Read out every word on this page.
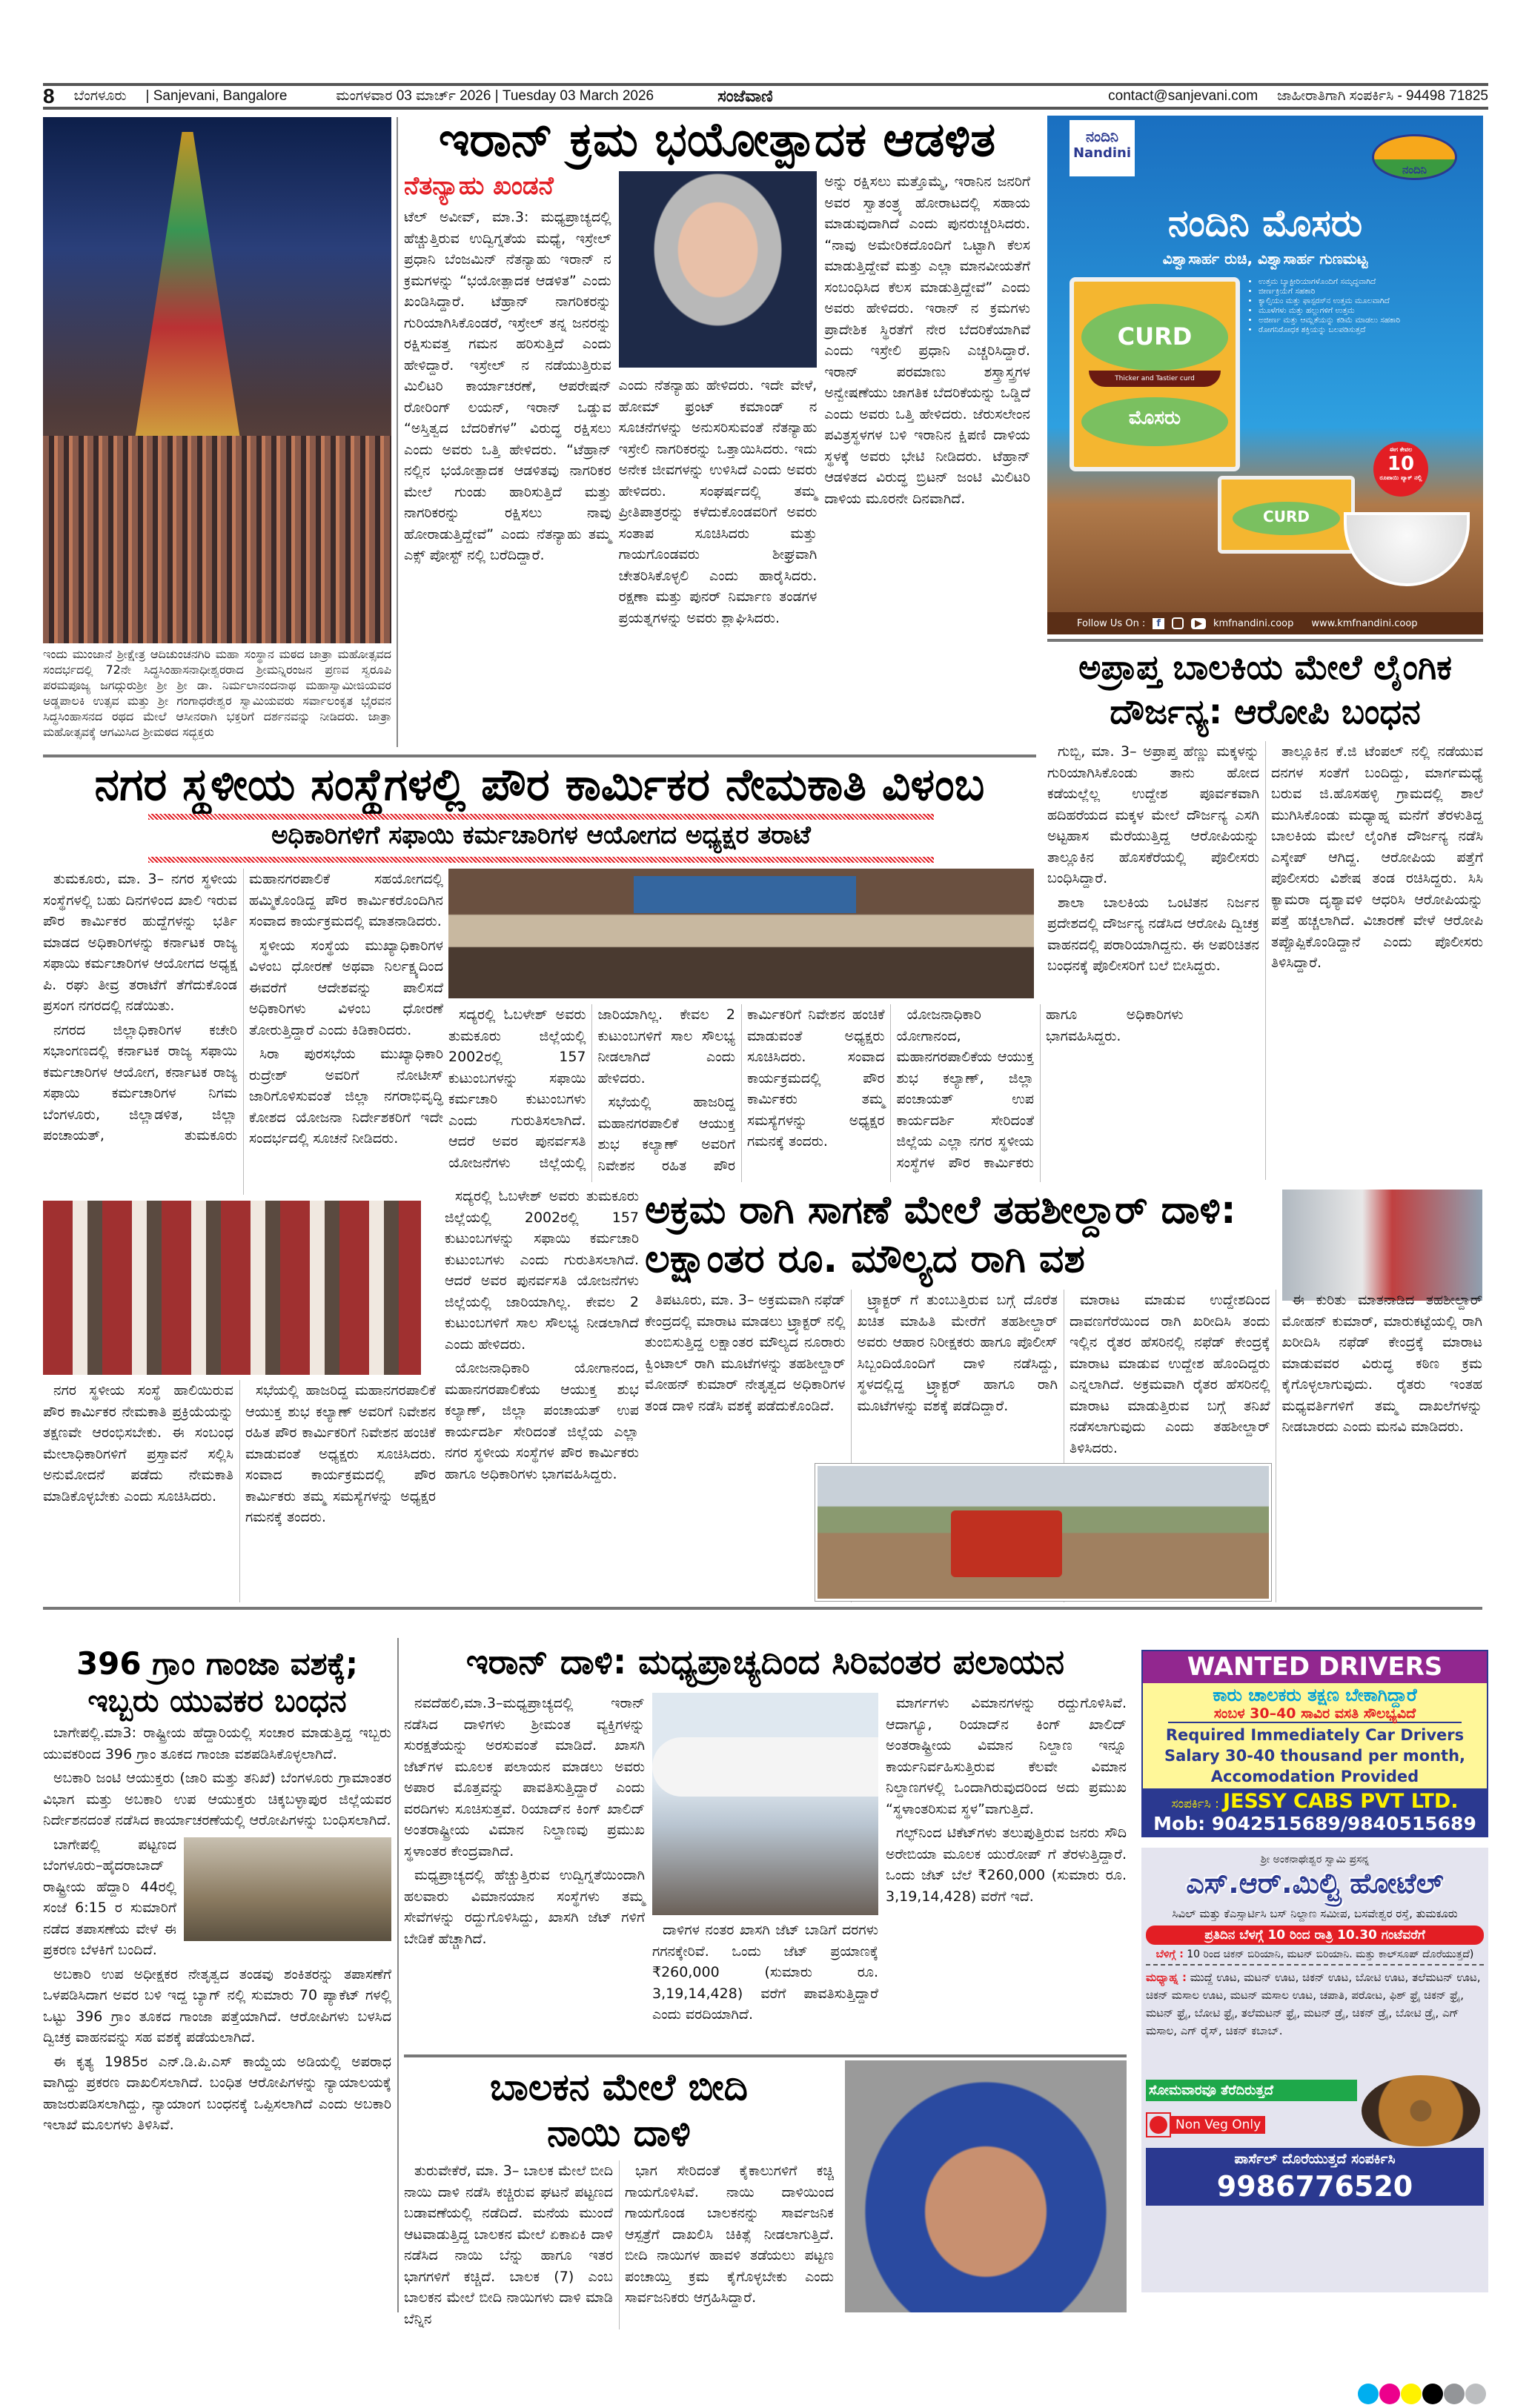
8 ಬೆಂಗಳೂರು | Sanjevani, Bangalore	ಮಂಗಳವಾರ 03 ಮಾರ್ಚ್ 2026 | Tuesday 03 March 2026	ಸಂಜೆವಾಣಿ	contact@sanjevani.com ಜಾಹೀರಾತಿಗಾಗಿ ಸಂಪರ್ಕಿಸಿ - 94498 71825
ಇಂದು ಮುಂಜಾನೆ ಶ್ರೀಕ್ಷೇತ್ರ ಆದಿಚುಂಚನಗಿರಿ ಮಹಾ ಸಂಸ್ಥಾನ ಮಠದ ಜಾತ್ರಾ ಮಹೋತ್ಸವದ ಸಂದರ್ಭದಲ್ಲಿ 72ನೇ ಸಿದ್ಧಸಿಂಹಾಸನಾಧೀಶ್ವರರಾದ ಶ್ರೀಮನ್ನಿರಂಜನ ಪ್ರಣವ ಸ್ವರೂಪಿ ಪರಮಪೂಜ್ಯ ಜಗದ್ಗುರುಶ್ರೀ ಶ್ರೀ ಶ್ರೀ ಡಾ. ನಿರ್ಮಲಾನಂದನಾಥ ಮಹಾಸ್ವಾಮೀಜಿಯವರ ಅಡ್ಡಪಾಲಕಿ ಉತ್ಸವ ಮತ್ತು ಶ್ರೀ ಗಂಗಾಧರೇಶ್ವರ ಸ್ವಾಮಿಯವರು ಸರ್ವಾಲಂಕೃತ ಭೈರವನ ಸಿದ್ಧಸಿಂಹಾಸನದ ರಥದ ಮೇಲೆ ಆಸೀನರಾಗಿ ಭಕ್ತರಿಗೆ ದರ್ಶನವನ್ನು ನೀಡಿದರು. ಜಾತ್ರಾ ಮಹೋತ್ಸವಕ್ಕೆ ಆಗಮಿಸಿದ ಶ್ರೀಮಠದ ಸದ್ಭಕ್ತರು
ಇರಾನ್ ಕ್ರಮ ಭಯೋತ್ಪಾದಕ ಆಡಳಿತ
ನೆತನ್ಯಾಹು ಖಂಡನೆ
ಟೆಲ್ ಅವೀವ್, ಮಾ.3: ಮಧ್ಯಪ್ರಾಚ್ಯದಲ್ಲಿ ಹೆಚ್ಚುತ್ತಿರುವ ಉದ್ವಿಗ್ನತೆಯ ಮಧ್ಯೆ, ಇಸ್ರೇಲ್ ಪ್ರಧಾನಿ ಬೆಂಜಮಿನ್ ನೆತನ್ಯಾಹು ಇರಾನ್ ನ ಕ್ರಮಗಳನ್ನು “ಭಯೋತ್ಪಾದಕ ಆಡಳಿತ” ಎಂದು ಖಂಡಿಸಿದ್ದಾರೆ. ಟೆಹ್ರಾನ್ ನಾಗರಿಕರನ್ನು ಗುರಿಯಾಗಿಸಿಕೊಂಡರೆ, ಇಸ್ರೇಲ್ ತನ್ನ ಜನರನ್ನು ರಕ್ಷಿಸುವತ್ತ ಗಮನ ಹರಿಸುತ್ತಿದೆ ಎಂದು ಹೇಳಿದ್ದಾರೆ. ಇಸ್ರೇಲ್ ನ ನಡೆಯುತ್ತಿರುವ ಮಿಲಿಟರಿ ಕಾರ್ಯಾಚರಣೆ, ಆಪರೇಷನ್ ರೋರಿಂಗ್ ಲಯನ್, ಇರಾನ್ ಒಡ್ಡುವ “ಅಸ್ತಿತ್ವದ ಬೆದರಿಕೆಗಳ” ವಿರುದ್ಧ ರಕ್ಷಿಸಲು ಎಂದು ಅವರು ಒತ್ತಿ ಹೇಳಿದರು. “ಟೆಹ್ರಾನ್ ನಲ್ಲಿನ ಭಯೋತ್ಪಾದಕ ಆಡಳಿತವು ನಾಗರಿಕರ ಮೇಲೆ ಗುಂಡು ಹಾರಿಸುತ್ತಿದೆ ಮತ್ತು ನಾಗರಿಕರನ್ನು ರಕ್ಷಿಸಲು ನಾವು ಹೋರಾಡುತ್ತಿದ್ದೇವೆ” ಎಂದು ನೆತನ್ಯಾಹು ತಮ್ಮ ಎಕ್ಸ್ ಪೋಸ್ಟ್ ನಲ್ಲಿ ಬರೆದಿದ್ದಾರೆ.
ಎಂದು ನೆತನ್ಯಾಹು ಹೇಳಿದರು. ಇದೇ ವೇಳೆ, ಹೋಮ್ ಫ್ರಂಟ್ ಕಮಾಂಡ್ ನ ಸೂಚನೆಗಳನ್ನು ಅನುಸರಿಸುವಂತೆ ನೆತನ್ಯಾಹು ಇಸ್ರೇಲಿ ನಾಗರಿಕರನ್ನು ಒತ್ತಾಯಿಸಿದರು. ಇದು ಅನೇಕ ಜೀವಗಳನ್ನು ಉಳಿಸಿದೆ ಎಂದು ಅವರು ಹೇಳಿದರು. ಸಂಘರ್ಷದಲ್ಲಿ ತಮ್ಮ ಪ್ರೀತಿಪಾತ್ರರನ್ನು ಕಳೆದುಕೊಂಡವರಿಗೆ ಅವರು ಸಂತಾಪ ಸೂಚಿಸಿದರು ಮತ್ತು ಗಾಯಗೊಂಡವರು ಶೀಘ್ರವಾಗಿ ಚೇತರಿಸಿಕೊಳ್ಳಲಿ ಎಂದು ಹಾರೈಸಿದರು. ರಕ್ಷಣಾ ಮತ್ತು ಪುನರ್ ನಿರ್ಮಾಣ ತಂಡಗಳ ಪ್ರಯತ್ನಗಳನ್ನು ಅವರು ಶ್ಲಾಘಿಸಿದರು.
ಅನ್ನು ರಕ್ಷಿಸಲು ಮತ್ತೊಮ್ಮೆ, ಇರಾನಿನ ಜನರಿಗೆ ಅವರ ಸ್ವಾತಂತ್ರ್ಯ ಹೋರಾಟದಲ್ಲಿ ಸಹಾಯ ಮಾಡುವುದಾಗಿದೆ ಎಂದು ಪುನರುಚ್ಚರಿಸಿದರು. “ನಾವು ಅಮೇರಿಕದೊಂದಿಗೆ ಒಟ್ಟಾಗಿ ಕೆಲಸ ಮಾಡುತ್ತಿದ್ದೇವೆ ಮತ್ತು ಎಲ್ಲಾ ಮಾನವೀಯತೆಗೆ ಸಂಬಂಧಿಸಿದ ಕೆಲಸ ಮಾಡುತ್ತಿದ್ದೇವೆ” ಎಂದು ಅವರು ಹೇಳಿದರು. ಇರಾನ್ ನ ಕ್ರಮಗಳು ಪ್ರಾದೇಶಿಕ ಸ್ಥಿರತೆಗೆ ನೇರ ಬೆದರಿಕೆಯಾಗಿವೆ ಎಂದು ಇಸ್ರೇಲಿ ಪ್ರಧಾನಿ ಎಚ್ಚರಿಸಿದ್ದಾರೆ. ಇರಾನ್ ಪರಮಾಣು ಶಸ್ತ್ರಾಸ್ತ್ರಗಳ ಅನ್ವೇಷಣೆಯು ಜಾಗತಿಕ ಬೆದರಿಕೆಯನ್ನು ಒಡ್ಡಿದೆ ಎಂದು ಅವರು ಒತ್ತಿ ಹೇಳಿದರು. ಜೆರುಸಲೇಂನ ಪವಿತ್ರಸ್ಥಳಗಳ ಬಳಿ ಇರಾನಿನ ಕ್ಷಿಪಣಿ ದಾಳಿಯ ಸ್ಥಳಕ್ಕೆ ಅವರು ಭೇಟಿ ನೀಡಿದರು. ಟೆಹ್ರಾನ್ ಆಡಳಿತದ ವಿರುದ್ಧ ಬ್ರಿಟನ್ ಜಂಟಿ ಮಿಲಿಟರಿ ದಾಳಿಯ ಮೂರನೇ ದಿನವಾಗಿದೆ.
ನಂದಿನಿ
Nandini
ನಂದಿನಿ
ನಂದಿನಿ ಮೊಸರು
ವಿಶ್ವಾಸಾರ್ಹ ರುಚಿ, ವಿಶ್ವಾಸಾರ್ಹ ಗುಣಮಟ್ಟ
• ಉತ್ತಮ ಬ್ಯಾಕ್ಟೀರಿಯಾಗಳೊಂದಿಗೆ ಸಮೃದ್ಧವಾಗಿದೆ
• ಜೀರ್ಣಕ್ರಿಯೆಗೆ ಸಹಕಾರಿ
• ಕ್ಯಾಲ್ಸಿಯಂ ಮತ್ತು ಫಾಸ್ಪರಸ್‌ನ ಉತ್ತಮ ಮೂಲವಾಗಿದೆ
• ಮೂಳೆಗಳು ಮತ್ತು ಹಲ್ಲುಗಳಿಗೆ ಉತ್ತಮ
• ಅಜೀರ್ಣ ಮತ್ತು ಆಮ್ಲತೆಯನ್ನು ಕಡಿಮೆ ಮಾಡಲು ಸಹಕಾರಿ
• ರೋಗನಿರೋಧಕ ಶಕ್ತಿಯನ್ನು ಬಲಪಡಿಸುತ್ತದೆ
CURD
Thicker and Tastier curd
ಮೊಸರು
CURD
ಈಗ ಕೇವಲ
10
ರೂಪಾಯಿ ಪ್ಯಾಕ್ ನಲ್ಲಿ
Follow Us On :	f	▶	kmfnandini.coop www.kmfnandini.coop
ಅಪ್ರಾಪ್ತ ಬಾಲಕಿಯ ಮೇಲೆ ಲೈಂಗಿಕ ದೌರ್ಜನ್ಯ: ಆರೋಪಿ ಬಂಧನ

ಗುಬ್ಬಿ, ಮಾ. 3– ಅಪ್ರಾಪ್ತ ಹೆಣ್ಣು ಮಕ್ಕಳನ್ನು ಗುರಿಯಾಗಿಸಿಕೊಂಡು ತಾನು ಹೋದ ಕಡೆಯಲ್ಲೆಲ್ಲ ಉದ್ದೇಶ ಪೂರ್ವಕವಾಗಿ ಹದಿಹರೆಯದ ಮಕ್ಕಳ ಮೇಲೆ ದೌರ್ಜನ್ಯ ಎಸಗಿ ಅಟ್ಟಹಾಸ ಮೆರೆಯುತ್ತಿದ್ದ ಆರೋಪಿಯನ್ನು ತಾಲ್ಲೂಕಿನ ಹೊಸಕೆರೆಯಲ್ಲಿ ಪೊಲೀಸರು ಬಂಧಿಸಿದ್ದಾರೆ.

ಶಾಲಾ ಬಾಲಕಿಯ ಒಂಟಿತನ ನಿರ್ಜನ ಪ್ರದೇಶದಲ್ಲಿ ದೌರ್ಜನ್ಯ ನಡೆಸಿದ ಆರೋಪಿ ದ್ವಿಚಕ್ರ ವಾಹನದಲ್ಲಿ ಪರಾರಿಯಾಗಿದ್ದನು. ಈ ಅಪರಿಚಿತನ ಬಂಧನಕ್ಕೆ ಪೊಲೀಸರಿಗೆ ಬಲೆ ಬೀಸಿದ್ದರು.

ತಾಲ್ಲೂಕಿನ ಕೆ.ಜಿ ಟೆಂಪಲ್ ನಲ್ಲಿ ನಡೆಯುವ ದನಗಳ ಸಂತೆಗೆ ಬಂದಿದ್ದು, ಮಾರ್ಗಮಧ್ಯೆ ಬರುವ ಜಿ.ಹೊಸಹಳ್ಳಿ ಗ್ರಾಮದಲ್ಲಿ ಶಾಲೆ ಮುಗಿಸಿಕೊಂಡು ಮಧ್ಯಾಹ್ನ ಮನೆಗೆ ತೆರಳುತಿದ್ದ ಬಾಲಕಿಯ ಮೇಲೆ ಲೈಂಗಿಕ ದೌರ್ಜನ್ಯ ನಡೆಸಿ ಎಸ್ಕೇಪ್ ಆಗಿದ್ದ. ಆರೋಪಿಯ ಪತ್ತೆಗೆ ಪೊಲೀಸರು ವಿಶೇಷ ತಂಡ ರಚಿಸಿದ್ದರು. ಸಿಸಿ ಕ್ಯಾಮರಾ ದೃಶ್ಯಾವಳಿ ಆಧರಿಸಿ ಆರೋಪಿಯನ್ನು ಪತ್ತೆ ಹಚ್ಚಲಾಗಿದೆ. ವಿಚಾರಣೆ ವೇಳೆ ಆರೋಪಿ ತಪ್ಪೊಪ್ಪಿಕೊಂಡಿದ್ದಾನೆ ಎಂದು ಪೊಲೀಸರು ತಿಳಿಸಿದ್ದಾರೆ.

ನಗರ ಸ್ಥಳೀಯ ಸಂಸ್ಥೆಗಳಲ್ಲಿ ಪೌರ ಕಾರ್ಮಿಕರ ನೇಮಕಾತಿ ವಿಳಂಬ
ಅಧಿಕಾರಿಗಳಿಗೆ ಸಫಾಯಿ ಕರ್ಮಚಾರಿಗಳ ಆಯೋಗದ ಅಧ್ಯಕ್ಷರ ತರಾಟೆ

ತುಮಕೂರು, ಮಾ. 3– ನಗರ ಸ್ಥಳೀಯ ಸಂಸ್ಥೆಗಳಲ್ಲಿ ಬಹು ದಿನಗಳಿಂದ ಖಾಲಿ ಇರುವ ಪೌರ ಕಾರ್ಮಿಕರ ಹುದ್ದೆಗಳನ್ನು ಭರ್ತಿ ಮಾಡದ ಅಧಿಕಾರಿಗಳನ್ನು ಕರ್ನಾಟಕ ರಾಜ್ಯ ಸಫಾಯಿ ಕರ್ಮಚಾರಿಗಳ ಆಯೋಗದ ಅಧ್ಯಕ್ಷ ಪಿ. ರಘು ತೀವ್ರ ತರಾಟೆಗೆ ತೆಗೆದುಕೊಂಡ ಪ್ರಸಂಗ ನಗರದಲ್ಲಿ ನಡೆಯಿತು.

ನಗರದ ಜಿಲ್ಲಾಧಿಕಾರಿಗಳ ಕಚೇರಿ ಸಭಾಂಗಣದಲ್ಲಿ ಕರ್ನಾಟಕ ರಾಜ್ಯ ಸಫಾಯಿ ಕರ್ಮಚಾರಿಗಳ ಆಯೋಗ, ಕರ್ನಾಟಕ ರಾಜ್ಯ ಸಫಾಯಿ ಕರ್ಮಚಾರಿಗಳ ನಿಗಮ ಬೆಂಗಳೂರು, ಜಿಲ್ಲಾಡಳಿತ, ಜಿಲ್ಲಾ ಪಂಚಾಯತ್, ತುಮಕೂರು ಮಹಾನಗರಪಾಲಿಕೆ ಸಹಯೋಗದಲ್ಲಿ ಹಮ್ಮಿಕೊಂಡಿದ್ದ ಪೌರ ಕಾರ್ಮಿಕರೊಂದಿಗಿನ ಸಂವಾದ ಕಾರ್ಯಕ್ರಮದಲ್ಲಿ ಮಾತನಾಡಿದರು.

ಸ್ಥಳೀಯ ಸಂಸ್ಥೆಯ ಮುಖ್ಯಾಧಿಕಾರಿಗಳ ವಿಳಂಬ ಧೋರಣೆ ಅಥವಾ ನಿರ್ಲಕ್ಷ್ಯದಿಂದ ಈವರೆಗೆ ಆದೇಶವನ್ನು ಪಾಲಿಸದೆ ಅಧಿಕಾರಿಗಳು ವಿಳಂಬ ಧೋರಣೆ ತೋರುತ್ತಿದ್ದಾರೆ ಎಂದು ಕಿಡಿಕಾರಿದರು.

ಸಿರಾ ಪುರಸಭೆಯ ಮುಖ್ಯಾಧಿಕಾರಿ ರುದ್ರೇಶ್ ಅವರಿಗೆ ನೋಟೀಸ್ ಜಾರಿಗೊಳಿಸುವಂತೆ ಜಿಲ್ಲಾ ನಗರಾಭಿವೃದ್ಧಿ ಕೋಶದ ಯೋಜನಾ ನಿರ್ದೇಶಕರಿಗೆ ಇದೇ ಸಂದರ್ಭದಲ್ಲಿ ಸೂಚನೆ ನೀಡಿದರು.

ಸದ್ಯರಲ್ಲಿ ಓಬಳೇಶ್ ಅವರು ತುಮಕೂರು ಜಿಲ್ಲೆಯಲ್ಲಿ 2002ರಲ್ಲಿ 157 ಕುಟುಂಬಗಳನ್ನು ಸಫಾಯಿ ಕರ್ಮಚಾರಿ ಕುಟುಂಬಗಳು ಎಂದು ಗುರುತಿಸಲಾಗಿದೆ. ಆದರೆ ಅವರ ಪುನರ್ವಸತಿ ಯೋಜನೆಗಳು ಜಿಲ್ಲೆಯಲ್ಲಿ ಜಾರಿಯಾಗಿಲ್ಲ. ಕೇವಲ 2 ಕುಟುಂಬಗಳಿಗೆ ಸಾಲ ಸೌಲಭ್ಯ ನೀಡಲಾಗಿದೆ ಎಂದು ಹೇಳಿದರು.

ಸಭೆಯಲ್ಲಿ ಹಾಜರಿದ್ದ ಮಹಾನಗರಪಾಲಿಕೆ ಆಯುಕ್ತ ಶುಭ ಕಲ್ಯಾಣ್ ಅವರಿಗೆ ನಿವೇಶನ ರಹಿತ ಪೌರ ಕಾರ್ಮಿಕರಿಗೆ ನಿವೇಶನ ಹಂಚಿಕೆ ಮಾಡುವಂತೆ ಅಧ್ಯಕ್ಷರು ಸೂಚಿಸಿದರು. ಸಂವಾದ ಕಾರ್ಯಕ್ರಮದಲ್ಲಿ ಪೌರ ಕಾರ್ಮಿಕರು ತಮ್ಮ ಸಮಸ್ಯೆಗಳನ್ನು ಅಧ್ಯಕ್ಷರ ಗಮನಕ್ಕೆ ತಂದರು.

ಯೋಜನಾಧಿಕಾರಿ ಯೋಗಾನಂದ, ಮಹಾನಗರಪಾಲಿಕೆಯ ಆಯುಕ್ತ ಶುಭ ಕಲ್ಯಾಣ್, ಜಿಲ್ಲಾ ಪಂಚಾಯತ್ ಉಪ ಕಾರ್ಯದರ್ಶಿ ಸೇರಿದಂತೆ ಜಿಲ್ಲೆಯ ಎಲ್ಲಾ ನಗರ ಸ್ಥಳೀಯ ಸಂಸ್ಥೆಗಳ ಪೌರ ಕಾರ್ಮಿಕರು ಹಾಗೂ ಅಧಿಕಾರಿಗಳು ಭಾಗವಹಿಸಿದ್ದರು.

ನಗರ ಸ್ಥಳೀಯ ಸಂಸ್ಥೆ ಹಾಲಿಯಿರುವ ಪೌರ ಕಾರ್ಮಿಕರ ನೇಮಕಾತಿ ಪ್ರಕ್ರಿಯೆಯನ್ನು ತಕ್ಷಣವೇ ಆರಂಭಿಸಬೇಕು. ಈ ಸಂಬಂಧ ಮೇಲಾಧಿಕಾರಿಗಳಿಗೆ ಪ್ರಸ್ತಾವನೆ ಸಲ್ಲಿಸಿ ಅನುಮೋದನೆ ಪಡೆದು ನೇಮಕಾತಿ ಮಾಡಿಕೊಳ್ಳಬೇಕು ಎಂದು ಸೂಚಿಸಿದರು.

ಸಭೆಯಲ್ಲಿ ಹಾಜರಿದ್ದ ಮಹಾನಗರಪಾಲಿಕೆ ಆಯುಕ್ತ ಶುಭ ಕಲ್ಯಾಣ್ ಅವರಿಗೆ ನಿವೇಶನ ರಹಿತ ಪೌರ ಕಾರ್ಮಿಕರಿಗೆ ನಿವೇಶನ ಹಂಚಿಕೆ ಮಾಡುವಂತೆ ಅಧ್ಯಕ್ಷರು ಸೂಚಿಸಿದರು. ಸಂವಾದ ಕಾರ್ಯಕ್ರಮದಲ್ಲಿ ಪೌರ ಕಾರ್ಮಿಕರು ತಮ್ಮ ಸಮಸ್ಯೆಗಳನ್ನು ಅಧ್ಯಕ್ಷರ ಗಮನಕ್ಕೆ ತಂದರು.

ಸದ್ಯರಲ್ಲಿ ಓಬಳೇಶ್ ಅವರು ತುಮಕೂರು ಜಿಲ್ಲೆಯಲ್ಲಿ 2002ರಲ್ಲಿ 157 ಕುಟುಂಬಗಳನ್ನು ಸಫಾಯಿ ಕರ್ಮಚಾರಿ ಕುಟುಂಬಗಳು ಎಂದು ಗುರುತಿಸಲಾಗಿದೆ. ಆದರೆ ಅವರ ಪುನರ್ವಸತಿ ಯೋಜನೆಗಳು ಜಿಲ್ಲೆಯಲ್ಲಿ ಜಾರಿಯಾಗಿಲ್ಲ. ಕೇವಲ 2 ಕುಟುಂಬಗಳಿಗೆ ಸಾಲ ಸೌಲಭ್ಯ ನೀಡಲಾಗಿದೆ ಎಂದು ಹೇಳಿದರು.

ಯೋಜನಾಧಿಕಾರಿ ಯೋಗಾನಂದ, ಮಹಾನಗರಪಾಲಿಕೆಯ ಆಯುಕ್ತ ಶುಭ ಕಲ್ಯಾಣ್, ಜಿಲ್ಲಾ ಪಂಚಾಯತ್ ಉಪ ಕಾರ್ಯದರ್ಶಿ ಸೇರಿದಂತೆ ಜಿಲ್ಲೆಯ ಎಲ್ಲಾ ನಗರ ಸ್ಥಳೀಯ ಸಂಸ್ಥೆಗಳ ಪೌರ ಕಾರ್ಮಿಕರು ಹಾಗೂ ಅಧಿಕಾರಿಗಳು ಭಾಗವಹಿಸಿದ್ದರು.

ಅಕ್ರಮ ರಾಗಿ ಸಾಗಣೆ ಮೇಲೆ ತಹಶೀಲ್ದಾರ್ ದಾಳಿ: ಲಕ್ಷಾಂತರ ರೂ. ಮೌಲ್ಯದ ರಾಗಿ ವಶ

ತಿಪಟೂರು, ಮಾ. 3– ಅಕ್ರಮವಾಗಿ ನಫೆಡ್ ಕೇಂದ್ರದಲ್ಲಿ ಮಾರಾಟ ಮಾಡಲು ಟ್ರ್ಯಾಕ್ಟರ್ ನಲ್ಲಿ ತುಂಬಿಸುತ್ತಿದ್ದ ಲಕ್ಷಾಂತರ ಮೌಲ್ಯದ ನೂರಾರು ಕ್ವಿಂಟಾಲ್ ರಾಗಿ ಮೂಟೆಗಳನ್ನು ತಹಶೀಲ್ದಾರ್ ಮೋಹನ್ ಕುಮಾರ್ ನೇತೃತ್ವದ ಅಧಿಕಾರಿಗಳ ತಂಡ ದಾಳಿ ನಡೆಸಿ ವಶಕ್ಕೆ ಪಡೆದುಕೊಂಡಿದೆ.

ಟ್ರ್ಯಾಕ್ಟರ್ ಗೆ ತುಂಬುತ್ತಿರುವ ಬಗ್ಗೆ ದೊರೆತ ಖಚಿತ ಮಾಹಿತಿ ಮೇರೆಗೆ ತಹಶೀಲ್ದಾರ್ ಅವರು ಆಹಾರ ನಿರೀಕ್ಷಕರು ಹಾಗೂ ಪೊಲೀಸ್ ಸಿಬ್ಬಂದಿಯೊಂದಿಗೆ ದಾಳಿ ನಡೆಸಿದ್ದು, ಸ್ಥಳದಲ್ಲಿದ್ದ ಟ್ರ್ಯಾಕ್ಟರ್ ಹಾಗೂ ರಾಗಿ ಮೂಟೆಗಳನ್ನು ವಶಕ್ಕೆ ಪಡೆದಿದ್ದಾರೆ.

ಮಾರಾಟ ಮಾಡುವ ಉದ್ದೇಶದಿಂದ ದಾವಣಗೆರೆಯಿಂದ ರಾಗಿ ಖರೀದಿಸಿ ತಂದು ಇಲ್ಲಿನ ರೈತರ ಹೆಸರಿನಲ್ಲಿ ನಫೆಡ್ ಕೇಂದ್ರಕ್ಕೆ ಮಾರಾಟ ಮಾಡುವ ಉದ್ದೇಶ ಹೊಂದಿದ್ದರು ಎನ್ನಲಾಗಿದೆ. ಅಕ್ರಮವಾಗಿ ರೈತರ ಹೆಸರಿನಲ್ಲಿ ಮಾರಾಟ ಮಾಡುತ್ತಿರುವ ಬಗ್ಗೆ ತನಿಖೆ ನಡೆಸಲಾಗುವುದು ಎಂದು ತಹಶೀಲ್ದಾರ್ ತಿಳಿಸಿದರು.

ಈ ಕುರಿತು ಮಾತನಾಡಿದ ತಹಶೀಲ್ದಾರ್ ಮೋಹನ್ ಕುಮಾರ್, ಮಾರುಕಟ್ಟೆಯಲ್ಲಿ ರಾಗಿ ಖರೀದಿಸಿ ನಫೆಡ್ ಕೇಂದ್ರಕ್ಕೆ ಮಾರಾಟ ಮಾಡುವವರ ವಿರುದ್ಧ ಕಠಿಣ ಕ್ರಮ ಕೈಗೊಳ್ಳಲಾಗುವುದು. ರೈತರು ಇಂತಹ ಮಧ್ಯವರ್ತಿಗಳಿಗೆ ತಮ್ಮ ದಾಖಲೆಗಳನ್ನು ನೀಡಬಾರದು ಎಂದು ಮನವಿ ಮಾಡಿದರು.

396 ಗ್ರಾಂ ಗಾಂಜಾ ವಶಕ್ಕೆ; ಇಬ್ಬರು ಯುವಕರ ಬಂಧನ

ಬಾಗೇಪಲ್ಲಿ.ಮಾ3: ರಾಷ್ಟ್ರೀಯ ಹೆದ್ದಾರಿಯಲ್ಲಿ ಸಂಚಾರ ಮಾಡುತ್ತಿದ್ದ ಇಬ್ಬರು ಯುವಕರಿಂದ 396 ಗ್ರಾಂ ತೂಕದ ಗಾಂಜಾ ವಶಪಡಿಸಿಕೊಳ್ಳಲಾಗಿದೆ.

ಅಬಕಾರಿ ಜಂಟಿ ಆಯುಕ್ತರು (ಜಾರಿ ಮತ್ತು ತನಿಖೆ) ಬೆಂಗಳೂರು ಗ್ರಾಮಾಂತರ ವಿಭಾಗ ಮತ್ತು ಅಬಕಾರಿ ಉಪ ಆಯುಕ್ತರು ಚಿಕ್ಕಬಳ್ಳಾಪುರ ಜಿಲ್ಲೆಯವರ ನಿರ್ದೇಶನದಂತೆ ನಡೆಸಿದ ಕಾರ್ಯಾಚರಣೆಯಲ್ಲಿ ಆರೋಪಿಗಳನ್ನು ಬಂಧಿಸಲಾಗಿದೆ.

ಬಾಗೇಪಲ್ಲಿ ಪಟ್ಟಣದ ಬೆಂಗಳೂರು–ಹೈದರಾಬಾದ್ ರಾಷ್ಟ್ರೀಯ ಹೆದ್ದಾರಿ 44ರಲ್ಲಿ ಸಂಜೆ 6:15 ರ ಸುಮಾರಿಗೆ ನಡೆದ ತಪಾಸಣೆಯ ವೇಳೆ ಈ ಪ್ರಕರಣ ಬೆಳಕಿಗೆ ಬಂದಿದೆ.

ಅಬಕಾರಿ ಉಪ ಅಧೀಕ್ಷಕರ ನೇತೃತ್ವದ ತಂಡವು ಶಂಕಿತರನ್ನು ತಪಾಸಣೆಗೆ ಒಳಪಡಿಸಿದಾಗ ಅವರ ಬಳಿ ಇದ್ದ ಬ್ಯಾಗ್ ನಲ್ಲಿ ಸುಮಾರು 70 ಪ್ಯಾಕೆಟ್ ಗಳಲ್ಲಿ ಒಟ್ಟು 396 ಗ್ರಾಂ ತೂಕದ ಗಾಂಜಾ ಪತ್ತೆಯಾಗಿದೆ. ಆರೋಪಿಗಳು ಬಳಸಿದ ದ್ವಿಚಕ್ರ ವಾಹನವನ್ನು ಸಹ ವಶಕ್ಕೆ ಪಡೆಯಲಾಗಿದೆ.

ಈ ಕೃತ್ಯ 1985ರ ಎನ್.ಡಿ.ಪಿ.ಎಸ್ ಕಾಯ್ದೆಯ ಅಡಿಯಲ್ಲಿ ಅಪರಾಧ ವಾಗಿದ್ದು ಪ್ರಕರಣ ದಾಖಲಿಸಲಾಗಿದೆ. ಬಂಧಿತ ಆರೋಪಿಗಳನ್ನು ನ್ಯಾಯಾಲಯಕ್ಕೆ ಹಾಜರುಪಡಿಸಲಾಗಿದ್ದು, ನ್ಯಾಯಾಂಗ ಬಂಧನಕ್ಕೆ ಒಪ್ಪಿಸಲಾಗಿದೆ ಎಂದು ಅಬಕಾರಿ ಇಲಾಖೆ ಮೂಲಗಳು ತಿಳಿಸಿವೆ.

ಇರಾನ್ ದಾಳಿ: ಮಧ್ಯಪ್ರಾಚ್ಯದಿಂದ ಸಿರಿವಂತರ ಪಲಾಯನ

ನವದೆಹಲಿ,ಮಾ.3–ಮಧ್ಯಪ್ರಾಚ್ಯದಲ್ಲಿ ಇರಾನ್ ನಡೆಸಿದ ದಾಳಿಗಳು ಶ್ರೀಮಂತ ವ್ಯಕ್ತಿಗಳನ್ನು ಸುರಕ್ಷತೆಯನ್ನು ಅರಸುವಂತೆ ಮಾಡಿದೆ. ಖಾಸಗಿ ಜೆಟ್‌ಗಳ ಮೂಲಕ ಪಲಾಯನ ಮಾಡಲು ಅವರು ಅಪಾರ ಮೊತ್ತವನ್ನು ಪಾವತಿಸುತ್ತಿದ್ದಾರೆ ಎಂದು ವರದಿಗಳು ಸೂಚಿಸುತ್ತವೆ. ರಿಯಾದ್‌ನ ಕಿಂಗ್ ಖಾಲಿದ್ ಅಂತರಾಷ್ಟ್ರೀಯ ವಿಮಾನ ನಿಲ್ದಾಣವು ಪ್ರಮುಖ ಸ್ಥಳಾಂತರ ಕೇಂದ್ರವಾಗಿದೆ.

ಮಧ್ಯಪ್ರಾಚ್ಯದಲ್ಲಿ ಹೆಚ್ಚುತ್ತಿರುವ ಉದ್ವಿಗ್ನತೆಯಿಂದಾಗಿ ಹಲವಾರು ವಿಮಾನಯಾನ ಸಂಸ್ಥೆಗಳು ತಮ್ಮ ಸೇವೆಗಳನ್ನು ರದ್ದುಗೊಳಿಸಿದ್ದು, ಖಾಸಗಿ ಜೆಟ್ ಗಳಿಗೆ ಬೇಡಿಕೆ ಹೆಚ್ಚಾಗಿದೆ.

ದಾಳಿಗಳ ನಂತರ ಖಾಸಗಿ ಜೆಟ್ ಬಾಡಿಗೆ ದರಗಳು ಗಗನಕ್ಕೇರಿವೆ. ಒಂದು ಜೆಟ್ ಪ್ರಯಾಣಕ್ಕೆ ₹260,000 (ಸುಮಾರು ರೂ. 3,19,14,428) ವರೆಗೆ ಪಾವತಿಸುತ್ತಿದ್ದಾರೆ ಎಂದು ವರದಿಯಾಗಿದೆ.

ಮಾರ್ಗಗಳು ವಿಮಾನಗಳನ್ನು ರದ್ದುಗೊಳಿಸಿವೆ. ಆದಾಗ್ಯೂ, ರಿಯಾದ್‌ನ ಕಿಂಗ್ ಖಾಲಿದ್ ಅಂತರಾಷ್ಟ್ರೀಯ ವಿಮಾನ ನಿಲ್ದಾಣ ಇನ್ನೂ ಕಾರ್ಯನಿರ್ವಹಿಸುತ್ತಿರುವ ಕೆಲವೇ ವಿಮಾನ ನಿಲ್ದಾಣಗಳಲ್ಲಿ ಒಂದಾಗಿರುವುದರಿಂದ ಅದು ಪ್ರಮುಖ “ಸ್ಥಳಾಂತರಿಸುವ ಸ್ಥಳ”ವಾಗುತ್ತಿದೆ.

ಗಲ್ಫ್‌ನಿಂದ ಟಿಕೆಟ್‌ಗಳು ತಲುಪುತ್ತಿರುವ ಜನರು ಸೌದಿ ಅರೇಬಿಯಾ ಮೂಲಕ ಯುರೋಪ್ ಗೆ ತೆರಳುತ್ತಿದ್ದಾರೆ. ಒಂದು ಜೆಟ್ ಬೆಲೆ ₹260,000 (ಸುಮಾರು ರೂ. 3,19,14,428) ವರೆಗೆ ಇದೆ.

ಬಾಲಕನ ಮೇಲೆ ಬೀದಿ ನಾಯಿ ದಾಳಿ

ತುರುವೇಕೆರೆ, ಮಾ. 3– ಬಾಲಕ ಮೇಲೆ ಬೀದಿ ನಾಯಿ ದಾಳಿ ನಡೆಸಿ ಕಚ್ಚಿರುವ ಘಟನೆ ಪಟ್ಟಣದ ಬಡಾವಣೆಯಲ್ಲಿ ನಡೆದಿದೆ. ಮನೆಯ ಮುಂದೆ ಆಟವಾಡುತ್ತಿದ್ದ ಬಾಲಕನ ಮೇಲೆ ಏಕಾಏಕಿ ದಾಳಿ ನಡೆಸಿದ ನಾಯಿ ಬೆನ್ನು ಹಾಗೂ ಇತರ ಭಾಗಗಳಿಗೆ ಕಚ್ಚಿದೆ. ಬಾಲಕ (7) ಎಂಬ ಬಾಲಕನ ಮೇಲೆ ಬೀದಿ ನಾಯಿಗಳು ದಾಳಿ ಮಾಡಿ ಬೆನ್ನಿನ

ಭಾಗ ಸೇರಿದಂತೆ ಕೈಕಾಲುಗಳಿಗೆ ಕಚ್ಚಿ ಗಾಯಗೊಳಿಸಿವೆ. ನಾಯಿ ದಾಳಿಯಿಂದ ಗಾಯಗೊಂಡ ಬಾಲಕನನ್ನು ಸಾರ್ವಜನಿಕ ಆಸ್ಪತ್ರೆಗೆ ದಾಖಲಿಸಿ ಚಿಕಿತ್ಸೆ ನೀಡಲಾಗುತ್ತಿದೆ. ಬೀದಿ ನಾಯಿಗಳ ಹಾವಳಿ ತಡೆಯಲು ಪಟ್ಟಣ ಪಂಚಾಯ್ತಿ ಕ್ರಮ ಕೈಗೊಳ್ಳಬೇಕು ಎಂದು ಸಾರ್ವಜನಿಕರು ಆಗ್ರಹಿಸಿದ್ದಾರೆ.

WANTED DRIVERS
ಕಾರು ಚಾಲಕರು ತಕ್ಷಣ ಬೇಕಾಗಿದ್ದಾರೆ
ಸಂಬಳ 30–40 ಸಾವಿರ ವಸತಿ ಸೌಲಭ್ಯವಿದೆ
Required Immediately Car Drivers
Salary 30-40 thousand per month,
Accomodation Provided
ಸಂಪರ್ಕಿಸಿ : JESSY CABS PVT LTD.
Mob: 9042515689/9840515689
ಶ್ರೀ ಅಂಕನಾಥೇಶ್ವರ ಸ್ವಾಮಿ ಪ್ರಸನ್ನ
ಎಸ್.ಆರ್.ಮಿಲ್ಟ್ರಿ ಹೋಟೆಲ್
ಸಿವಿಲ್ ಮತ್ತು ಕೆಎಸ್ಸಾರ್ಟಿಸಿ ಬಸ್ ನಿಲ್ದಾಣ ಸಮೀಪ, ಬಸವೇಶ್ವರ ರಸ್ತೆ, ತುಮಕೂರು
ಪ್ರತಿದಿನ ಬೆಳಗ್ಗೆ 10 ರಿಂದ ರಾತ್ರಿ 10.30 ಗಂಟೆವರೆಗೆ
ಬೆಳಿಗ್ಗೆ : 10 ರಿಂದ ಚಿಕನ್ ಬಿರಿಯಾನಿ, ಮಟನ್ ಬಿರಿಯಾನಿ. ಮತ್ತು ಕಾಲ್‌ಸೂಪ್ ದೊರೆಯುತ್ತದೆ)
ಮಧ್ಯಾಹ್ನ : ಮುದ್ದೆ ಊಟ, ಮಟನ್ ಊಟ, ಚಿಕನ್ ಊಟ, ಬೋಟಿ ಊಟ, ತಲೆಮಟನ್ ಊಟ, ಚಿಕನ್ ಮಸಾಲ ಊಟ, ಮಟನ್ ಮಸಾಲ ಊಟ, ಚಪಾತಿ, ಪರೋಟ, ಫಿಶ್ ಫ್ರೈ ಚಿಕನ್ ಫ್ರೈ, ಮಟನ್ ಫ್ರೈ, ಬೋಟಿ ಫ್ರೈ, ತಲೆಮಟನ್ ಫ್ರೈ, ಮಟನ್ ಡ್ರೈ, ಚಿಕನ್ ಡ್ರೈ, ಬೋಟಿ ಡ್ರೈ, ಎಗ್ ಮಸಾಲ, ಎಗ್ ರೈಸ್, ಚಿಕನ್ ಕಬಾಬ್.
ಸೋಮವಾರವೂ ತೆರೆದಿರುತ್ತದೆ
Non Veg Only
ಪಾರ್ಸೆಲ್ ದೊರೆಯುತ್ತದೆ ಸಂಪರ್ಕಿಸಿ
9986776520
